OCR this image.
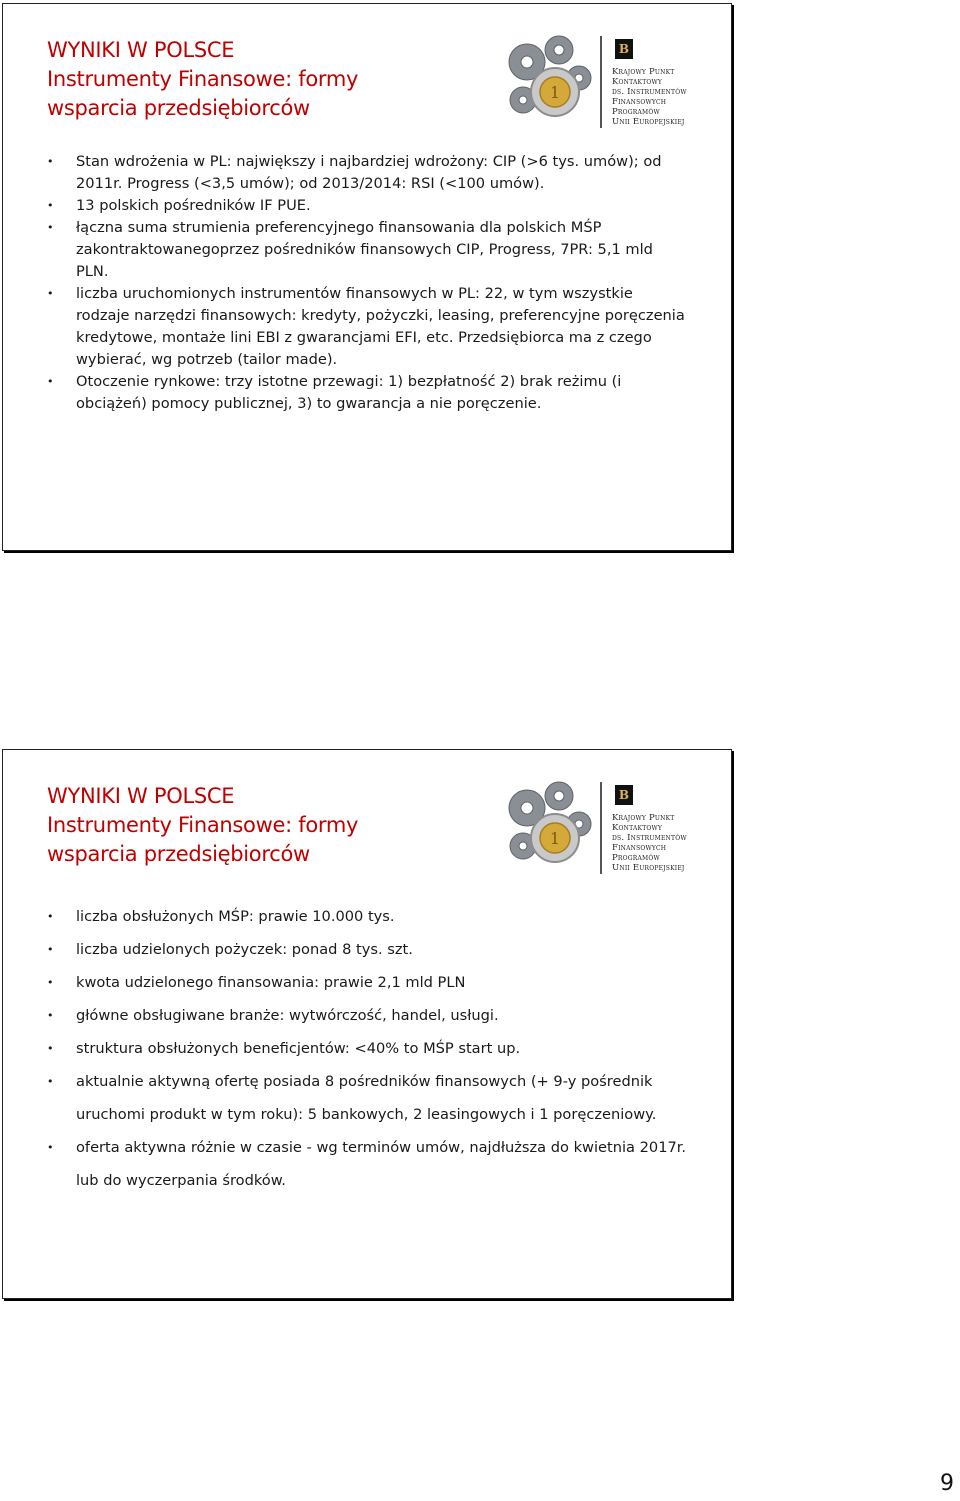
WYNIKI W POLSCE
Instrumenty Finansowe: formy
wsparcia przedsiębiorców
1
B
Krajowy Punkt
Kontaktowy
ds. Instrumentów
Finansowych
Programów
Unii Europejskiej
• Stan wdrożenia w PL: największy i najbardziej wdrożony: CIP (>6 tys. umów); od 2011r. Progress (<3,5 umów); od 2013/2014: RSI (<100 umów).
• 13 polskich pośredników IF PUE.
• łączna suma strumienia preferencyjnego finansowania dla polskich MŚP zakontraktowanegoprzez pośredników finansowych CIP, Progress, 7PR: 5,1 mld PLN.
• liczba uruchomionych instrumentów finansowych w PL: 22, w tym wszystkie rodzaje narzędzi finansowych: kredyty, pożyczki, leasing, preferencyjne poręczenia kredytowe, montaże lini EBI z gwarancjami EFI, etc. Przedsiębiorca ma z czego wybierać, wg potrzeb (tailor made).
• Otoczenie rynkowe: trzy istotne przewagi: 1) bezpłatność 2) brak reżimu (i obciążeń) pomocy publicznej, 3) to gwarancja a nie poręczenie.
WYNIKI W POLSCE
Instrumenty Finansowe: formy
wsparcia przedsiębiorców
1
B
Krajowy Punkt
Kontaktowy
ds. Instrumentów
Finansowych
Programów
Unii Europejskiej
• liczba obsłużonych MŚP: prawie 10.000 tys.
• liczba udzielonych pożyczek: ponad 8 tys. szt.
• kwota udzielonego finansowania: prawie 2,1 mld PLN
• główne obsługiwane branże: wytwórczość, handel, usługi.
• struktura obsłużonych beneficjentów: <40% to MŚP start up.
• aktualnie aktywną ofertę posiada 8 pośredników finansowych (+ 9-y pośrednik uruchomi produkt w tym roku): 5 bankowych, 2 leasingowych i 1 poręczeniowy.
• oferta aktywna różnie w czasie - wg terminów umów, najdłuższa do kwietnia 2017r. lub do wyczerpania środków.
9
